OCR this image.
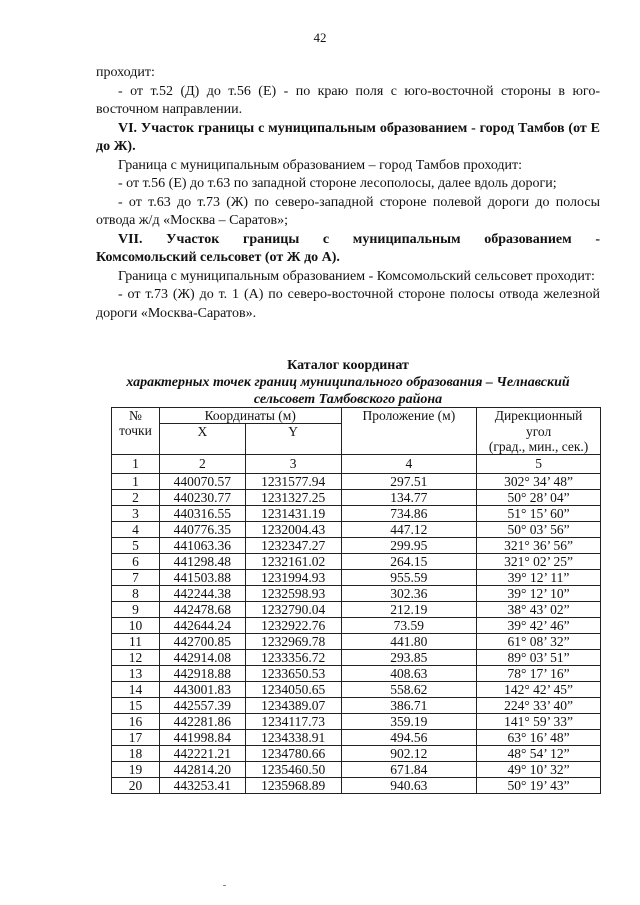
42

проходит:

- от т.52 (Д) до т.56 (Е) - по краю поля с юго-восточной стороны в юго-восточном направлении.

VI. Участок границы с муниципальным образованием - город Тамбов (от Е до Ж).

Граница с муниципальным образованием – город Тамбов проходит:

- от т.56 (Е) до т.63 по западной стороне лесополосы, далее вдоль дороги;

- от т.63 до т.73 (Ж) по северо-западной стороне полевой дороги до полосы отвода ж/д «Москва – Саратов»;

VII. Участок границы с муниципальным образованием -

Комсомольский сельсовет (от Ж до А).

Граница с муниципальным образованием - Комсомольский сельсовет проходит:

- от т.73 (Ж) до т. 1 (А) по северо-восточной стороне полосы отвода железной дороги «Москва-Саратов».

Каталог координат
характерных точек границ муниципального образования – Челнавский сельсовет Тамбовского района
№ точки	Координаты (м)		Проложение (м)	Дирекционный
	X	Y		угол
				(град., мин., сек.)
1	2	3	4	5
1	440070.57	1231577.94	297.51	302° 34’ 48”
2	440230.77	1231327.25	134.77	50° 28’ 04”
3	440316.55	1231431.19	734.86	51° 15’ 60”
4	440776.35	1232004.43	447.12	50° 03’ 56”
5	441063.36	1232347.27	299.95	321° 36’ 56”
6	441298.48	1232161.02	264.15	321° 02’ 25”
7	441503.88	1231994.93	955.59	39° 12’ 11”
8	442244.38	1232598.93	302.36	39° 12’ 10”
9	442478.68	1232790.04	212.19	38° 43’ 02”
10	442644.24	1232922.76	73.59	39° 42’ 46”
11	442700.85	1232969.78	441.80	61° 08’ 32”
12	442914.08	1233356.72	293.85	89° 03’ 51”
13	442918.88	1233650.53	408.63	78° 17’ 16”
14	443001.83	1234050.65	558.62	142° 42’ 45”
15	442557.39	1234389.07	386.71	224° 33’ 40”
16	442281.86	1234117.73	359.19	141° 59’ 33”
17	441998.84	1234338.91	494.56	63° 16’ 48”
18	442221.21	1234780.66	902.12	48° 54’ 12”
19	442814.20	1235460.50	671.84	49° 10’ 32”
20	443253.41	1235968.89	940.63	50° 19’ 43”
